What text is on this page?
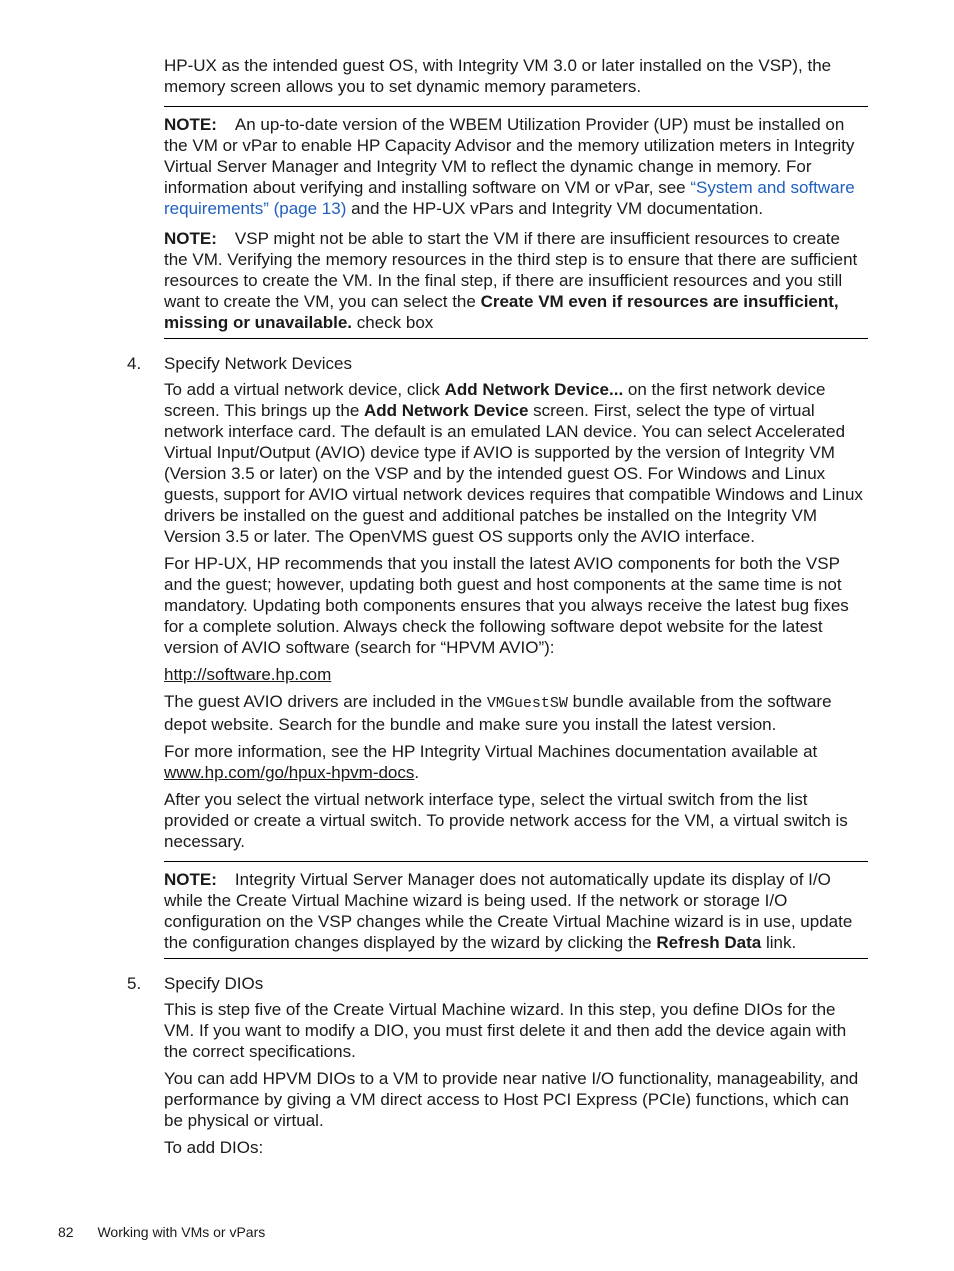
HP-UX as the intended guest OS, with Integrity VM 3.0 or later installed on the VSP), the memory screen allows you to set dynamic memory parameters.

NOTE: An up-to-date version of the WBEM Utilization Provider (UP) must be installed on the VM or vPar to enable HP Capacity Advisor and the memory utilization meters in Integrity Virtual Server Manager and Integrity VM to reflect the dynamic change in memory. For information about verifying and installing software on VM or vPar, see “System and software requirements” (page 13) and the HP-UX vPars and Integrity VM documentation.

NOTE: VSP might not be able to start the VM if there are insufficient resources to create the VM. Verifying the memory resources in the third step is to ensure that there are sufficient resources to create the VM. In the final step, if there are insufficient resources and you still want to create the VM, you can select the Create VM even if resources are insufficient, missing or unavailable. check box

4. Specify Network Devices

To add a virtual network device, click Add Network Device... on the first network device screen. This brings up the Add Network Device screen. First, select the type of virtual network interface card. The default is an emulated LAN device. You can select Accelerated Virtual Input/Output (AVIO) device type if AVIO is supported by the version of Integrity VM (Version 3.5 or later) on the VSP and by the intended guest OS. For Windows and Linux guests, support for AVIO virtual network devices requires that compatible Windows and Linux drivers be installed on the guest and additional patches be installed on the Integrity VM Version 3.5 or later. The OpenVMS guest OS supports only the AVIO interface.

For HP-UX, HP recommends that you install the latest AVIO components for both the VSP and the guest; however, updating both guest and host components at the same time is not mandatory. Updating both components ensures that you always receive the latest bug fixes for a complete solution. Always check the following software depot website for the latest version of AVIO software (search for “HPVM AVIO”):

http://software.hp.com

The guest AVIO drivers are included in the VMGuestSW bundle available from the software depot website. Search for the bundle and make sure you install the latest version.

For more information, see the HP Integrity Virtual Machines documentation available at www.hp.com/go/hpux-hpvm-docs.

After you select the virtual network interface type, select the virtual switch from the list provided or create a virtual switch. To provide network access for the VM, a virtual switch is necessary.

NOTE: Integrity Virtual Server Manager does not automatically update its display of I/O while the Create Virtual Machine wizard is being used. If the network or storage I/O configuration on the VSP changes while the Create Virtual Machine wizard is in use, update the configuration changes displayed by the wizard by clicking the Refresh Data link.

5. Specify DIOs

This is step five of the Create Virtual Machine wizard. In this step, you define DIOs for the VM. If you want to modify a DIO, you must first delete it and then add the device again with the correct specifications.

You can add HPVM DIOs to a VM to provide near native I/O functionality, manageability, and performance by giving a VM direct access to Host PCI Express (PCIe) functions, which can be physical or virtual.

To add DIOs:

82 Working with VMs or vPars
